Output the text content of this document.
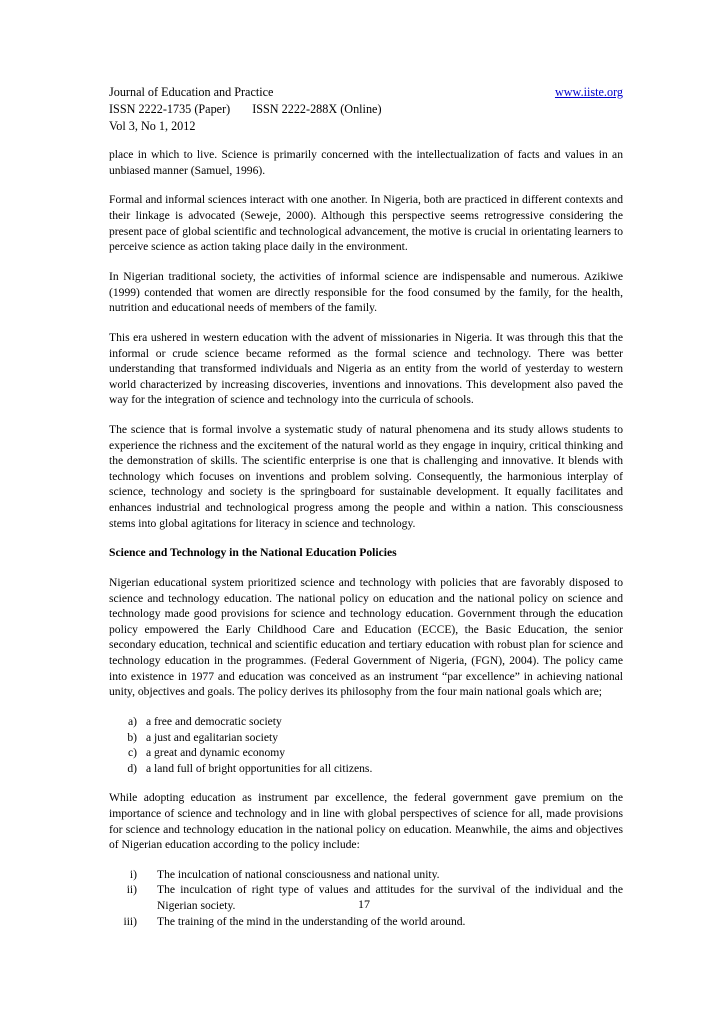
Journal of Education and Practice	www.iiste.org
ISSN 2222-1735 (Paper) ISSN 2222-288X (Online)
Vol 3, No 1, 2012

place in which to live. Science is primarily concerned with the intellectualization of facts and values in an unbiased manner (Samuel, 1996).

Formal and informal sciences interact with one another. In Nigeria, both are practiced in different contexts and their linkage is advocated (Seweje, 2000). Although this perspective seems retrogressive considering the present pace of global scientific and technological advancement, the motive is crucial in orientating learners to perceive science as action taking place daily in the environment.

In Nigerian traditional society, the activities of informal science are indispensable and numerous. Azikiwe (1999) contended that women are directly responsible for the food consumed by the family, for the health, nutrition and educational needs of members of the family.

This era ushered in western education with the advent of missionaries in Nigeria. It was through this that the informal or crude science became reformed as the formal science and technology. There was better understanding that transformed individuals and Nigeria as an entity from the world of yesterday to western world characterized by increasing discoveries, inventions and innovations. This development also paved the way for the integration of science and technology into the curricula of schools.

The science that is formal involve a systematic study of natural phenomena and its study allows students to experience the richness and the excitement of the natural world as they engage in inquiry, critical thinking and the demonstration of skills. The scientific enterprise is one that is challenging and innovative. It blends with technology which focuses on inventions and problem solving. Consequently, the harmonious interplay of science, technology and society is the springboard for sustainable development. It equally facilitates and enhances industrial and technological progress among the people and within a nation. This consciousness stems into global agitations for literacy in science and technology.

Science and Technology in the National Education Policies

Nigerian educational system prioritized science and technology with policies that are favorably disposed to science and technology education. The national policy on education and the national policy on science and technology made good provisions for science and technology education. Government through the education policy empowered the Early Childhood Care and Education (ECCE), the Basic Education, the senior secondary education, technical and scientific education and tertiary education with robust plan for science and technology education in the programmes. (Federal Government of Nigeria, (FGN), 2004). The policy came into existence in 1977 and education was conceived as an instrument “par excellence” in achieving national unity, objectives and goals. The policy derives its philosophy from the four main national goals which are;

a) a free and democratic society
b) a just and egalitarian society
c) a great and dynamic economy
d) a land full of bright opportunities for all citizens.

While adopting education as instrument par excellence, the federal government gave premium on the importance of science and technology and in line with global perspectives of science for all, made provisions for science and technology education in the national policy on education. Meanwhile, the aims and objectives of Nigerian education according to the policy include:

i)	The inculcation of national consciousness and national unity.
ii)	The inculcation of right type of values and attitudes for the survival of the individual and the Nigerian society.
iii)	The training of the mind in the understanding of the world around.
17
